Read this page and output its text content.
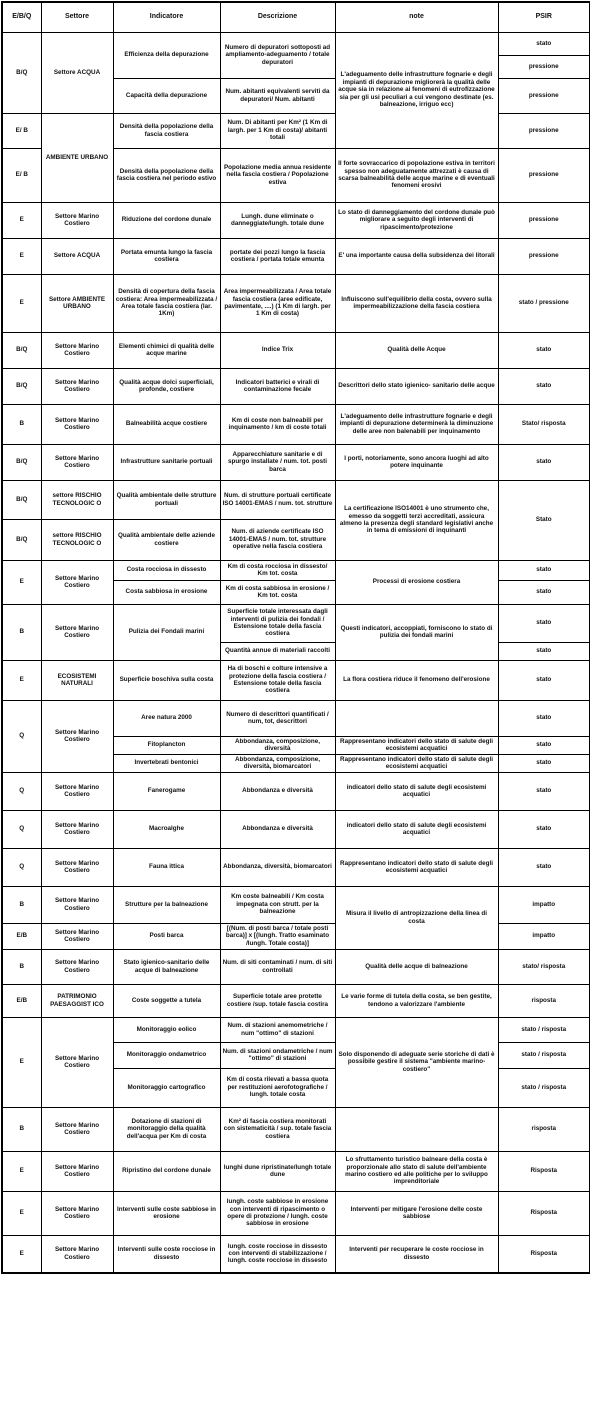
E/B/Q	Settore	Indicatore	Descrizione	note	PSIR
B/Q	Settore ACQUA	Efficienza della depurazione	Numero di depuratori sottoposti ad ampliamento-adeguamento / totale depuratori	L'adeguamento delle infrastrutture fognarie e degli impianti di depurazione migliorerà la qualità delle acque sia in relazione ai fenomeni di eutrofizzazione sia per gli usi peculiari a cui vengono destinate (es. balneazione, irriguo ecc)	stato
					pressione
		Capacità della depurazione	Num. abitanti equivalenti serviti da depuratori/ Num. abitanti		pressione
E/ B	AMBIENTE URBANO	Densità della popolazione della fascia costiera	Num. Di abitanti per Km² (1 Km di largh. per 1 Km di costa)/ abitanti totali		pressione
E/ B		Densità della popolazione della fascia costiera nel periodo estivo	Popolazione media annua residente nella fascia costiera / Popolazione estiva	Il forte sovraccarico di popolazione estiva in territori spesso non adeguatamente attrezzati è causa di scarsa balneabilità delle acque marine e di eventuali fenomeni erosivi	pressione
E	Settore Marino Costiero	Riduzione del cordone dunale	Lungh. dune eliminate o danneggiate/lungh. totale dune	Lo stato di danneggiamento del cordone dunale può migliorare a seguito degli interventi di ripascimento/protezione	pressione
E	Settore ACQUA	Portata emunta lungo la fascia costiera	portate dei pozzi lungo la fascia costiera / portata totale emunta	E' una importante causa della subsidenza dei litorali	pressione
E	Settore AMBIENTE URBANO	Densità di copertura della fascia costiera: Area impermeabilizzata / Area totale fascia costiera (lar. 1Km)	Area impermeabilizzata / Area totale fascia costiera (aree edificate, pavimentate, ....) (1 Km di largh. per 1 Km di costa)	Influiscono sull'equilibrio della costa, ovvero sulla impermeabilizzazione della fascia costiera	stato / pressione
B/Q	Settore Marino Costiero	Elementi chimici di qualità delle acque marine	Indice Trix	Qualità delle Acque	stato
B/Q	Settore Marino Costiero	Qualità acque dolci superficiali, profonde, costiere	Indicatori batterici e virali di contaminazione fecale	Descrittori dello stato igienico- sanitario delle acque	stato
B	Settore Marino Costiero	Balneabilità acque costiere	Km di coste non balneabili per inquinamento / km di coste totali	L'adeguamento delle infrastrutture fognarie e degli impianti di depurazione determinerà la diminuzione delle aree non balenabili per inquinamento	Stato/ risposta
B/Q	Settore Marino Costiero	Infrastrutture sanitarie portuali	Apparecchiature sanitarie e di spurgo installate / num. tot. posti barca	I porti, notoriamente, sono ancora luoghi ad alto potere inquinante	stato
B/Q	settore RISCHIO TECNOLOGIC O	Qualità ambientale delle strutture portuali	Num. di strutture portuali certificate ISO 14001-EMAS / num. tot. strutture	La certificazione ISO14001 è uno strumento che, emesso da soggetti terzi accreditati, assicura almeno la presenza degli standard legislativi anche in tema di emissioni di inquinanti	Stato
B/Q	settore RISCHIO TECNOLOGIC O	Qualità ambientale delle aziende costiere	Num. di aziende certificate ISO 14001-EMAS / num. tot. strutture operative nella fascia costiera		
E	Settore Marino Costiero	Costa rocciosa in dissesto	Km di costa rocciosa in dissesto/ Km tot. costa	Processi di erosione costiera	stato
		Costa sabbiosa in erosione	Km di costa sabbiosa in erosione / Km tot. costa		stato
B	Settore Marino Costiero	Pulizia dei Fondali marini	Superficie totale interessata dagli interventi di pulizia dei fondali / Estensione totale della fascia costiera	Questi indicatori, accoppiati, forniscono lo stato di pulizia dei fondali marini	stato
			Quantità annue di materiali raccolti		stato
E	ECOSISTEMI NATURALI	Superficie boschiva sulla costa	Ha di boschi e colture intensive a protezione della fascia costiera / Estensione totale della fascia costiera	La flora costiera riduce il fenomeno dell'erosione	stato
Q	Settore Marino Costiero	Aree natura 2000	Numero di descrittori quantificati / num, tot, descrittori		stato
		Fitoplancton	Abbondanza, composizione, diversità	Rappresentano indicatori dello stato di salute degli ecosistemi acquatici	stato
		Invertebrati bentonici	Abbondanza, composizione, diversità, biomarcatori	Rappresentano indicatori dello stato di salute degli ecosistemi acquatici	stato
Q	Settore Marino Costiero	Fanerogame	Abbondanza e diversità	indicatori dello stato di salute degli ecosistemi acquatici	stato
Q	Settore Marino Costiero	Macroalghe	Abbondanza e diversità	indicatori dello stato di salute degli ecosistemi acquatici	stato
Q	Settore Marino Costiero	Fauna ittica	Abbondanza, diversità, biomarcatori	Rappresentano indicatori dello stato di salute degli ecosistemi acquatici	stato
B	Settore Marino Costiero	Strutture per la balneazione	Km coste balneabili / Km costa impegnata con strutt. per la balneazione	Misura il livello di antropizzazione della linea di costa	impatto
E/B	Settore Marino Costiero	Posti barca	[(Num. di posti barca / totale posti barca)] x [(lungh. Tratto esaminato /lungh. Totale costa)]		impatto
B	Settore Marino Costiero	Stato igienico-sanitario delle acque di balneazione	Num. di siti contaminati / num. di siti controllati	Qualità delle acque di balneazione	stato/ risposta
E/B	PATRIMONIO PAESAGGIST ICO	Coste soggette a tutela	Superficie totale aree protette costiere /sup. totale fascia costira	Le varie forme di tutela della costa, se ben gestite, tendono a valorizzare l'ambiente	risposta
E	Settore Marino Costiero	Monitoraggio eolico	Num. di stazioni anemometriche / num "ottimo" di stazioni	Solo disponendo di adeguate serie storiche di dati è possibile gestire il sistema "ambiente marino-costiero"	stato / risposta
		Monitoraggio ondametrico	Num. di stazioni ondametriche / num "ottimo" di stazioni		stato / risposta
		Monitoraggio cartografico	Km di costa rilevati a bassa quota per restituzioni aerofotografiche / lungh. totale costa		stato / risposta
B	Settore Marino Costiero	Dotazione di stazioni di monitoraggio della qualità dell'acqua per Km di costa	Km² di fascia costiera monitorati con sistematicità / sup. totale fascia costiera		risposta
E	Settore Marino Costiero	Ripristino del cordone dunale	lunghi dune ripristinate/lungh totale dune	Lo sfruttamento turistico balneare della costa è proporzionale allo stato di salute dell'ambiente marino costiero ed alle politiche per lo sviluppo imprenditoriale	Risposta
E	Settore Marino Costiero	Interventi sulle coste sabbiose in erosione	lungh. coste sabbiose in erosione con interventi di ripascimento o opere di protezione / lungh. coste sabbiose in erosione	Interventi per mitigare l'erosione delle coste sabbiose	Risposta
E	Settore Marino Costiero	Interventi sulle coste rocciose in dissesto	lungh. coste rocciose in dissesto con interventi di stabilizzazione / lungh. coste rocciose in dissesto	Interventi per recuperare le coste rocciose in dissesto	Risposta
